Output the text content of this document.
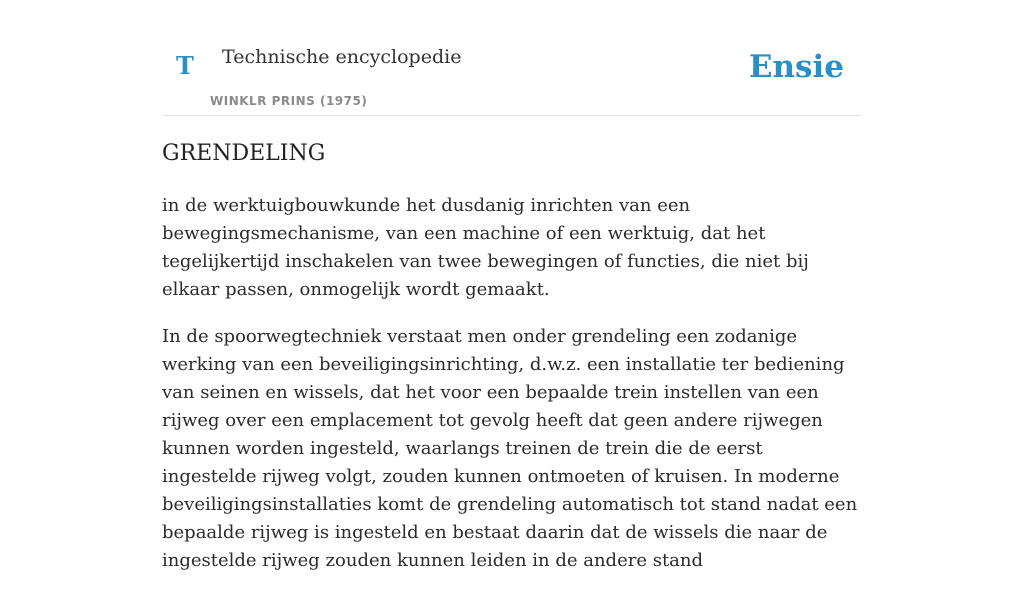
T Technische encyclopedie
WINKLR PRINS (1975)
Ensie
GRENDELING

in de werktuigbouwkunde het dusdanig inrichten van een bewegingsmechanisme, van een machine of een werktuig, dat het tegelijkertijd inschakelen van twee bewegingen of functies, die niet bij elkaar passen, onmogelijk wordt gemaakt.

In de spoorwegtechniek verstaat men onder grendeling een zodanige werking van een beveiligingsinrichting, d.w.z. een installatie ter bediening van seinen en wissels, dat het voor een bepaalde trein instellen van een rijweg over een emplacement tot gevolg heeft dat geen andere rijwegen kunnen worden ingesteld, waarlangs treinen de trein die de eerst ingestelde rijweg volgt, zouden kunnen ontmoeten of kruisen. In moderne beveiligingsinstallaties komt de grendeling automatisch tot stand nadat een bepaalde rijweg is ingesteld en bestaat daarin dat de wissels die naar de ingestelde rijweg zouden kunnen leiden in de andere stand
